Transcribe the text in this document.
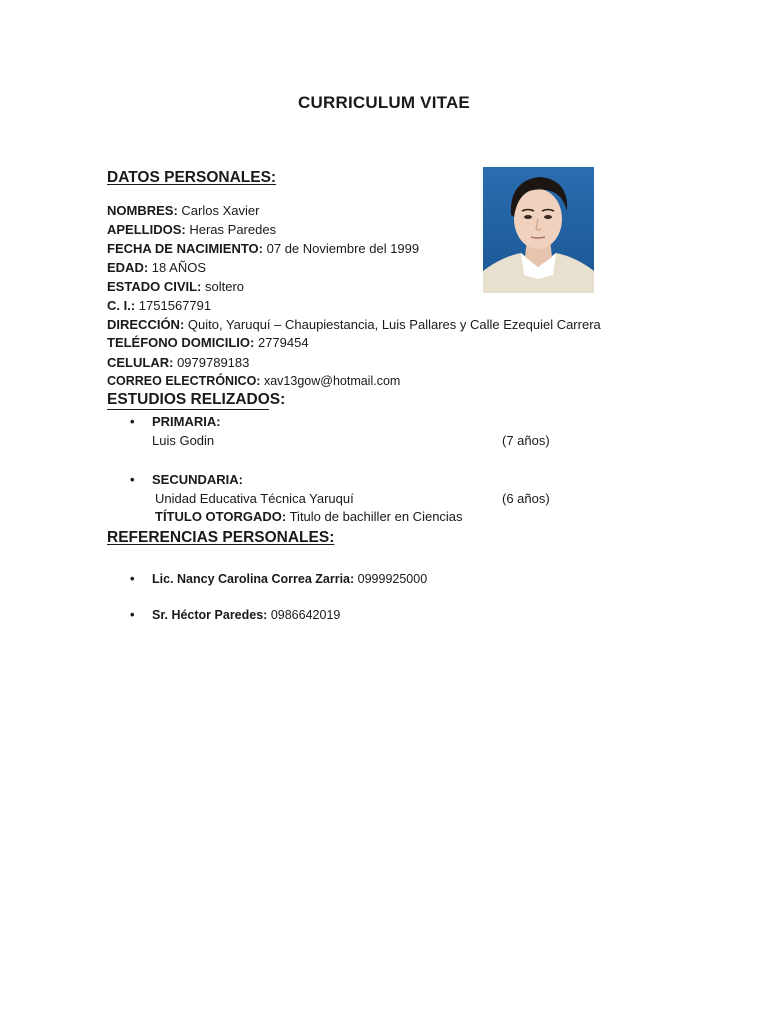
CURRICULUM VITAE
DATOS PERSONALES:
NOMBRES: Carlos Xavier
APELLIDOS: Heras Paredes
FECHA DE NACIMIENTO: 07 de Noviembre del 1999
EDAD: 18 AÑOS
ESTADO CIVIL: soltero
C. I.: 1751567791
DIRECCIÓN: Quito, Yaruquí – Chaupiestancia, Luis Pallares y Calle Ezequiel Carrera
TELÉFONO DOMICILIO: 2779454
CELULAR: 0979789183
CORREO ELECTRÓNICO: xav13gow@hotmail.com
ESTUDIOS RELIZADOS:
• PRIMARIA:
Luis Godin	(7 años)
• SECUNDARIA:
Unidad Educativa Técnica Yaruquí	(6 años)
TÍTULO OTORGADO: Titulo de bachiller en Ciencias
REFERENCIAS PERSONALES:
• Lic. Nancy Carolina Correa Zarria: 0999925000
• Sr. Héctor Paredes: 0986642019
